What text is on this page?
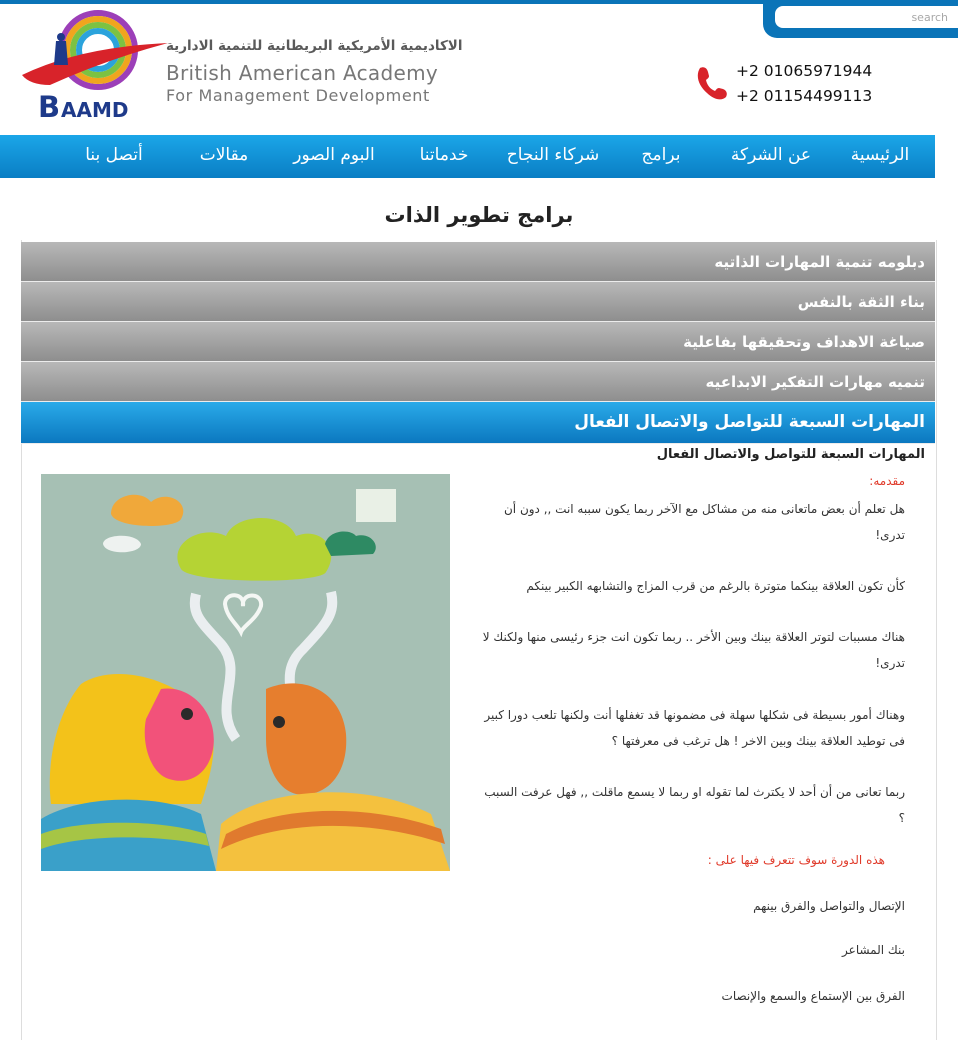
search
B AAMD
الاكاديمية الأمريكية البريطانية للتنمية الادارية
British American Academy
For Management Development
+2 01065971944
+2 01154499113
الرئيسية
عن الشركة
برامج
شركاء النجاح
خدماتنا
البوم الصور
مقالات
أتصل بنا
برامج تطوير الذات
دبلومه تنمية المهارات الذاتيه
بناء الثقة بالنفس
صياغة الاهداف وتحقيقها بفاعلية
تنميه مهارات التفكير الابداعيه
المهارات السبعة للتواصل والاتصال الفعال
المهارات السبعة للتواصل والاتصال الفعال
مقدمه:
هل تعلم أن بعض ماتعانى منه من مشاكل مع الآخر ربما يكون سببه انت ,, دون أن تدرى!
كأن تكون العلاقة بينكما متوترة بالرغم من قرب المزاج والتشابهه الكبير بينكم
هناك مسببات لتوتر العلاقة بينك وبين الأخر .. ربما تكون انت جزء رئيسى منها ولكنك لا تدرى!
وهناك أمور بسيطة فى شكلها سهلة فى مضمونها قد تغفلها أنت ولكنها تلعب دورا كبير فى توطيد العلاقة بينك وبين الاخر ! هل ترغب فى معرفتها ؟
ربما تعانى من أن أحد لا يكترث لما تقوله او ربما لا يسمع ماقلت ,, فهل عرفت السبب ؟
هذه الدورة سوف تتعرف فيها على :
الإتصال والتواصل والفرق بينهم
بنك المشاعر
الفرق بين الإستماع والسمع والإنصات
